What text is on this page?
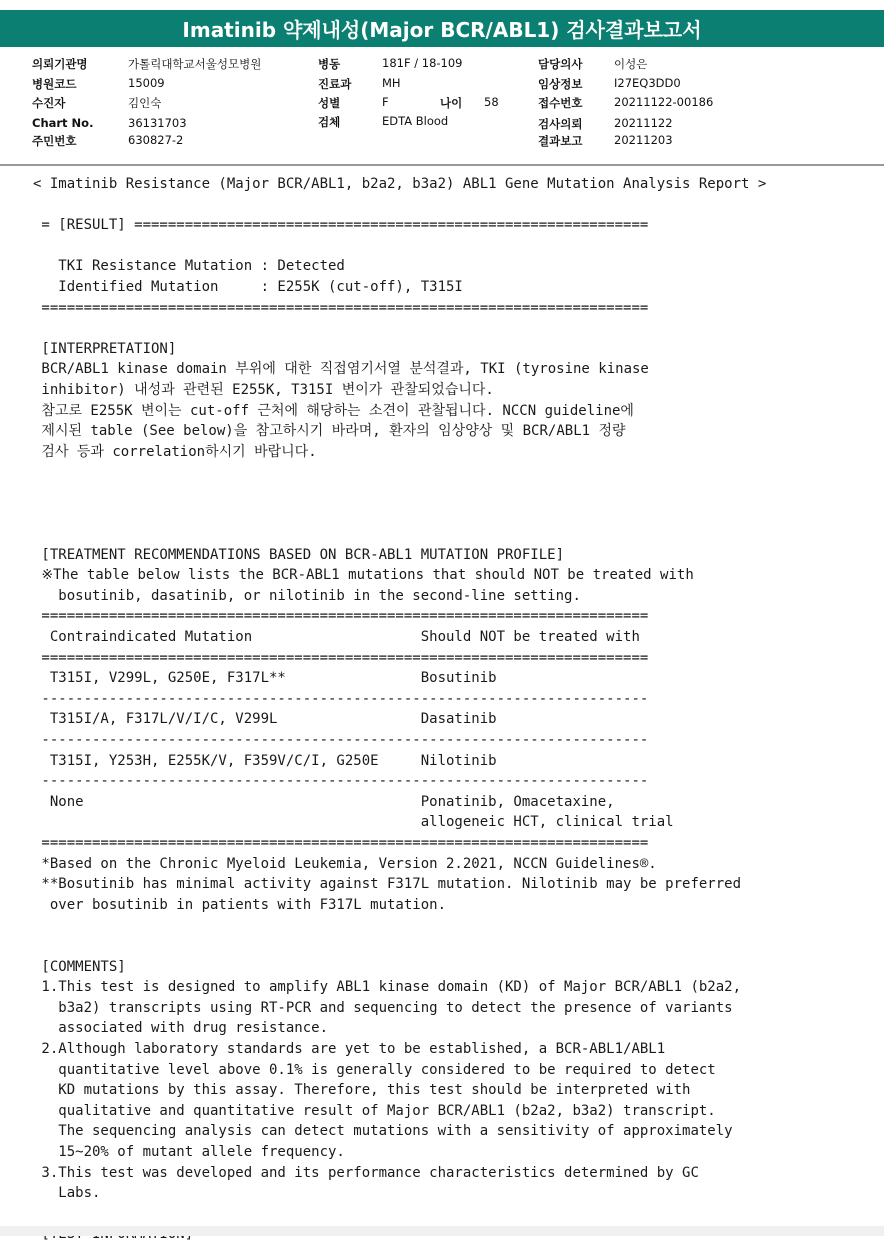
Imatinib 약제내성(Major BCR/ABL1) 검사결과보고서
의뢰기관명	가톨릭대학교서울성모병원
병원코드	15009
수진자	김인숙
Chart No.	36131703
주민번호	630827-2
병동	181F / 18-109
진료과	MH
성별	F	나이 58
검체	EDTA Blood
담당의사	이성은
임상정보	I27EQ3DD0
접수번호	20211122-00186
검사의뢰	20211122
결과보고	20211203
< Imatinib Resistance (Major BCR/ABL1, b2a2, b3a2) ABL1 Gene Mutation Analysis Report >
= [RESULT] =============================================================
TKI Resistance Mutation : Detected
Identified Mutation     : E255K (cut-off), T315I
========================================================================
[INTERPRETATION]
BCR/ABL1 kinase domain 부위에 대한 직접염기서열 분석결과, TKI (tyrosine kinase
inhibitor) 내성과 관련된 E255K, T315I 변이가 관찰되었습니다.
참고로 E255K 변이는 cut-off 근처에 해당하는 소견이 관찰됩니다. NCCN guideline에
제시된 table (See below)을 참고하시기 바라며, 환자의 임상양상 및 BCR/ABL1 정량
검사 등과 correlation하시기 바랍니다.
[TREATMENT RECOMMENDATIONS BASED ON BCR-ABL1 MUTATION PROFILE]
※The table below lists the BCR-ABL1 mutations that should NOT be treated with
bosutinib, dasatinib, or nilotinib in the second-line setting.
========================================================================
Contraindicated Mutation                    Should NOT be treated with
========================================================================
T315I, V299L, G250E, F317L**                Bosutinib
------------------------------------------------------------------------
T315I/A, F317L/V/I/C, V299L                 Dasatinib
------------------------------------------------------------------------
T315I, Y253H, E255K/V, F359V/C/I, G250E     Nilotinib
------------------------------------------------------------------------
None                                        Ponatinib, Omacetaxine,
allogeneic HCT, clinical trial
========================================================================
*Based on the Chronic Myeloid Leukemia, Version 2.2021, NCCN Guidelines®.
**Bosutinib has minimal activity against F317L mutation. Nilotinib may be preferred
over bosutinib in patients with F317L mutation.
[COMMENTS]
1.This test is designed to amplify ABL1 kinase domain (KD) of Major BCR/ABL1 (b2a2,
b3a2) transcripts using RT-PCR and sequencing to detect the presence of variants
associated with drug resistance.
2.Although laboratory standards are yet to be established, a BCR-ABL1/ABL1
quantitative level above 0.1% is generally considered to be required to detect
KD mutations by this assay. Therefore, this test should be interpreted with
qualitative and quantitative result of Major BCR/ABL1 (b2a2, b3a2) transcript.
The sequencing analysis can detect mutations with a sensitivity of approximately
15~20% of mutant allele frequency.
3.This test was developed and its performance characteristics determined by GC
Labs.
